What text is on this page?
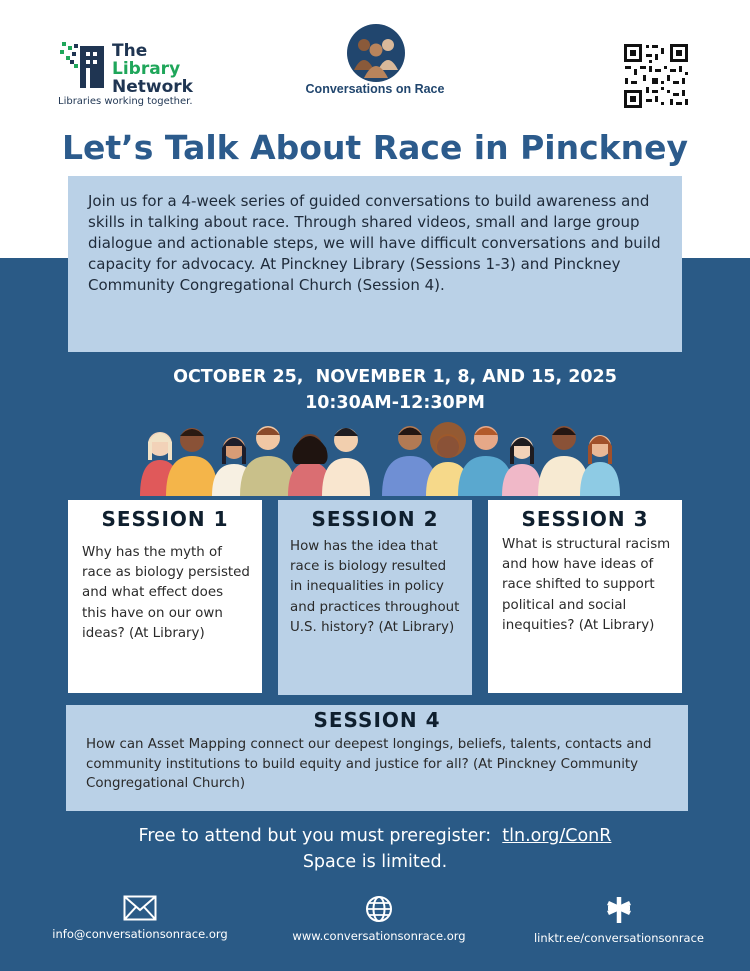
The
Library
Network
Libraries working together.
Conversations on Race
Let’s Talk About Race in Pinckney
Join us for a 4-week series of guided conversations to build awareness and skills in talking about race. Through shared videos, small and large group dialogue and actionable steps, we will have difficult conversations and build capacity for advocacy. At Pinckney Library (Sessions 1-3) and Pinckney Community Congregational Church (Session 4).
OCTOBER 25,  NOVEMBER 1, 8, AND 15, 2025
10:30AM-12:30PM
SESSION 1

Why has the myth of race as biology persisted and what effect does this have on our own ideas? (At Library)

SESSION 2

How has the idea that race is biology resulted in inequalities in policy and practices throughout U.S. history? (At Library)

SESSION 3

What is structural racism and how have ideas of race shifted to support political and social inequities? (At Library)

SESSION 4

How can Asset Mapping connect our deepest longings, beliefs, talents, contacts and community institutions to build equity and justice for all? (At Pinckney Community Congregational Church)

Free to attend but you must preregister: tln.org/ConR
Space is limited.
info@conversationsonrace.org	www.conversationsonrace.org	linktr.ee/conversationsonrace
